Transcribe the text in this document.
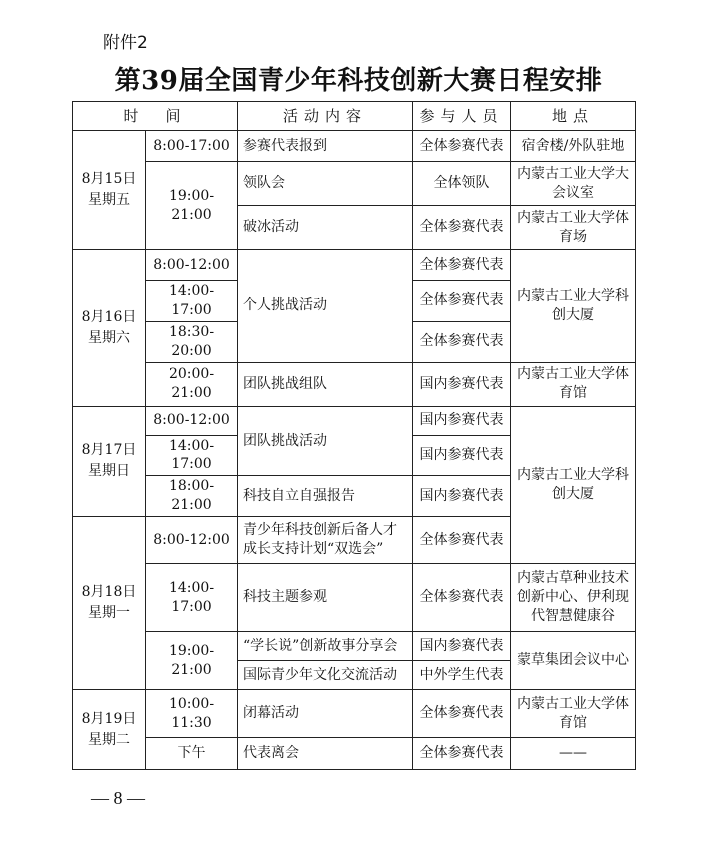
附件2
第39届全国青少年科技创新大赛日程安排
时　间		活动内容	参与人员	地点

8月15日
星期五	8:00-17:00	参赛代表报到	全体参赛代表	宿舍楼/外队驻地
	19:00-21:00	领队会	全体领队	内蒙古工业大学大会议室
		破冰活动	全体参赛代表	内蒙古工业大学体育场

8月16日
星期六	8:00-12:00	个人挑战活动	全体参赛代表	内蒙古工业大学科创大厦
	14:00-17:00		全体参赛代表	
	18:30-20:00		全体参赛代表	
	20:00-21:00	团队挑战组队	国内参赛代表	内蒙古工业大学体育馆

8月17日
星期日	8:00-12:00	团队挑战活动	国内参赛代表	内蒙古工业大学科创大厦
	14:00-17:00		国内参赛代表	
	18:00-21:00	科技自立自强报告	国内参赛代表	

8月18日
星期一	8:00-12:00	青少年科技创新后备人才成长支持计划“双选会”	全体参赛代表	
	14:00-17:00	科技主题参观	全体参赛代表	内蒙古草种业技术创新中心、伊利现代智慧健康谷
	19:00-21:00	“学长说”创新故事分享会	国内参赛代表	蒙草集团会议中心
		国际青少年文化交流活动	中外学生代表	

8月19日
星期二	10:00-11:30	闭幕活动	全体参赛代表	内蒙古工业大学体育馆
	下午	代表离会	全体参赛代表	——
— 8 —
